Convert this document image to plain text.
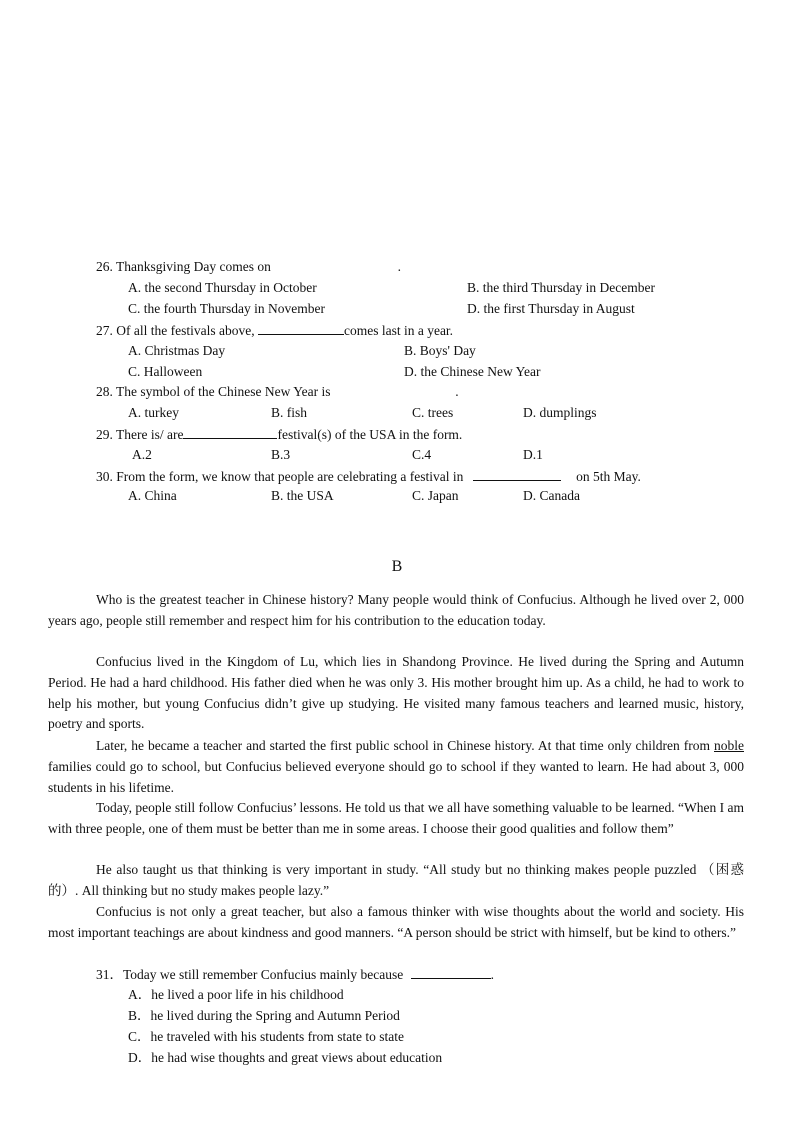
26. Thanksgiving Day comes on	.
A. the second Thursday in October	B. the third Thursday in December
C. the fourth Thursday in November	D. the first Thursday in August
27. Of all the festivals above,	comes last in a year.
A. Christmas Day	B. Boys' Day
C. Halloween	D. the Chinese New Year
28. The symbol of the Chinese New Year is	.
A. turkey	B. fish	C. trees	D. dumplings
29. There is/ are	festival(s) of the USA in the form.
A.2	B.3	C.4	D.1
30. From the form, we know that people are celebrating a festival in	on 5th May.
A. China	B. the USA	C. Japan	D. Canada
B

Who is the greatest teacher in Chinese history? Many people would think of Confucius. Although he lived over 2, 000 years ago, people still remember and respect him for his contribution to the education today.

Confucius lived in the Kingdom of Lu, which lies in Shandong Province. He lived during the Spring and Autumn Period. He had a hard childhood. His father died when he was only 3. His mother brought him up. As a child, he had to work to help his mother, but young Confucius didn’t give up studying. He visited many famous teachers and learned music, history, poetry and sports.

Later, he became a teacher and started the first public school in Chinese history. At that time only children from noble families could go to school, but Confucius believed everyone should go to school if they wanted to learn. He had about 3, 000 students in his lifetime.

Today, people still follow Confucius’ lessons. He told us that we all have something valuable to be learned. “When I am with three people, one of them must be better than me in some areas. I choose their good qualities and follow them”

He also taught us that thinking is very important in study. “All study but no thinking makes people puzzled （困惑的）. All thinking but no study makes people lazy.”

Confucius is not only a great teacher, but also a famous thinker with wise thoughts about the world and society. His most important teachings are about kindness and good manners. “A person should be strict with himself, but be kind to others.”

31．Today we still remember Confucius mainly because	.
A．he lived a poor life in his childhood
B．he lived during the Spring and Autumn Period
C．he traveled with his students from state to state
D．he had wise thoughts and great views about education
